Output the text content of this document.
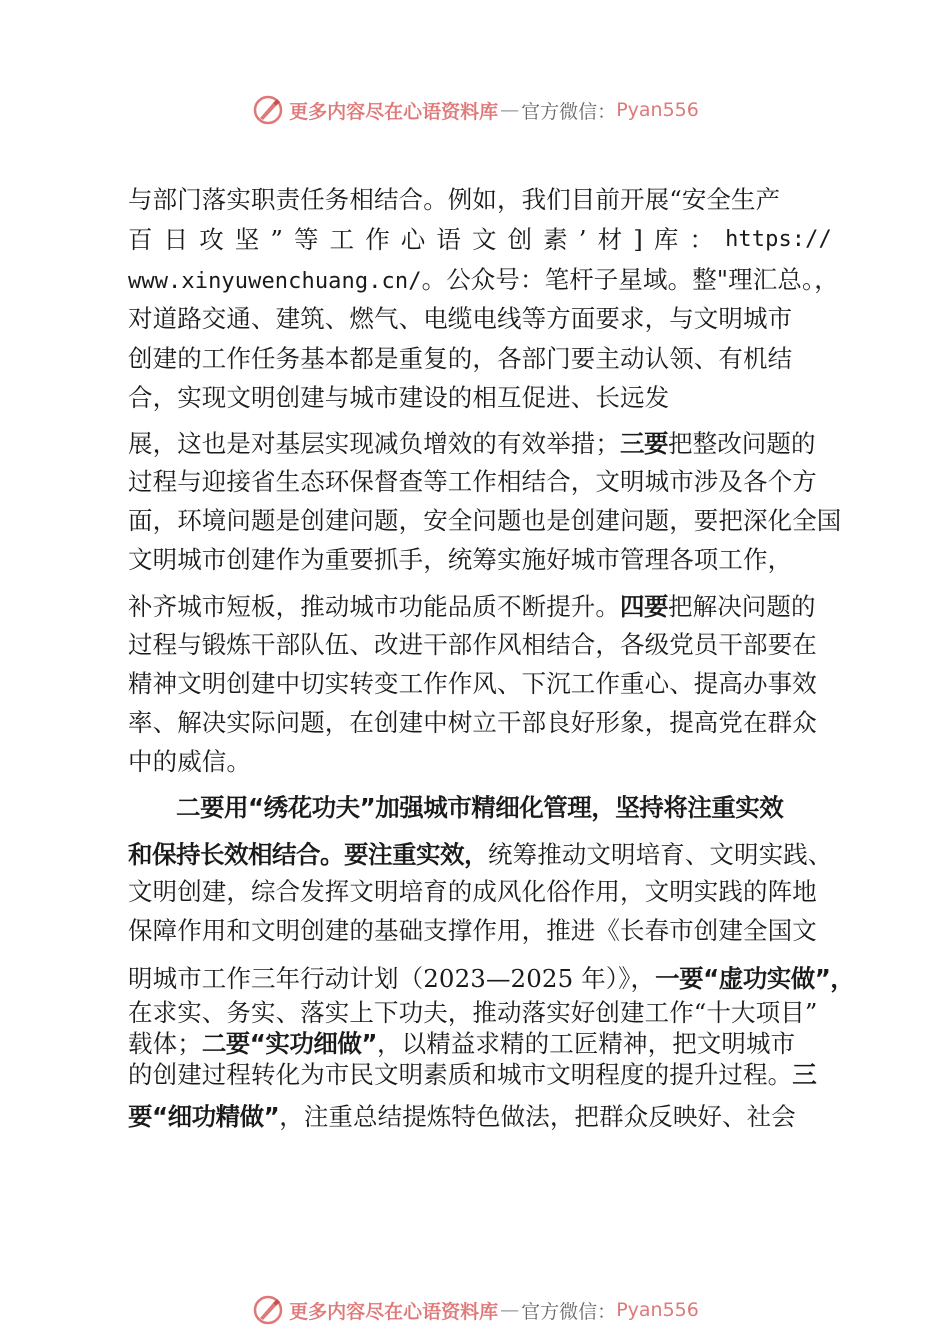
更多内容尽在心语资料库 — 官方微信： Pyan556
与部门落实职责任务相结合。例如，我们目前开展“安全生产
百 日 攻 坚 ” 等 工 作 心 语 文 创 素 ’ 材 ] 库 ： https://
www.xinyuwenchuang.cn/。公众号：笔杆子星域。整"理汇总。，
对道路交通、建筑、燃气、电缆电线等方面要求，与文明城市
创建的工作任务基本都是重复的，各部门要主动认领、有机结
合，实现文明创建与城市建设的相互促进、长远发
展，这也是对基层实现减负增效的有效举措；三要把整改问题的
过程与迎接省生态环保督查等工作相结合，文明城市涉及各个方
面，环境问题是创建问题，安全问题也是创建问题，要把深化全国
文明城市创建作为重要抓手，统筹实施好城市管理各项工作，
补齐城市短板，推动城市功能品质不断提升。四要把解决问题的
过程与锻炼干部队伍、改进干部作风相结合，各级党员干部要在
精神文明创建中切实转变工作作风、下沉工作重心、提高办事效
率、解决实际问题，在创建中树立干部良好形象，提高党在群众
中的威信。
二要用“绣花功夫”加强城市精细化管理，坚持将注重实效
和保持长效相结合。要注重实效，统筹推动文明培育、文明实践、
文明创建，综合发挥文明培育的成风化俗作用，文明实践的阵地
保障作用和文明创建的基础支撑作用，推进《长春市创建全国文
明城市工作三年行动计划（2023—2025 年）》，一要“虚功实做”，
在求实、务实、落实上下功夫，推动落实好创建工作“十大项目”
载体；二要“实功细做”，以精益求精的工匠精神，把文明城市
的创建过程转化为市民文明素质和城市文明程度的提升过程。三
要“细功精做”，注重总结提炼特色做法，把群众反映好、社会
更多内容尽在心语资料库 — 官方微信： Pyan556
